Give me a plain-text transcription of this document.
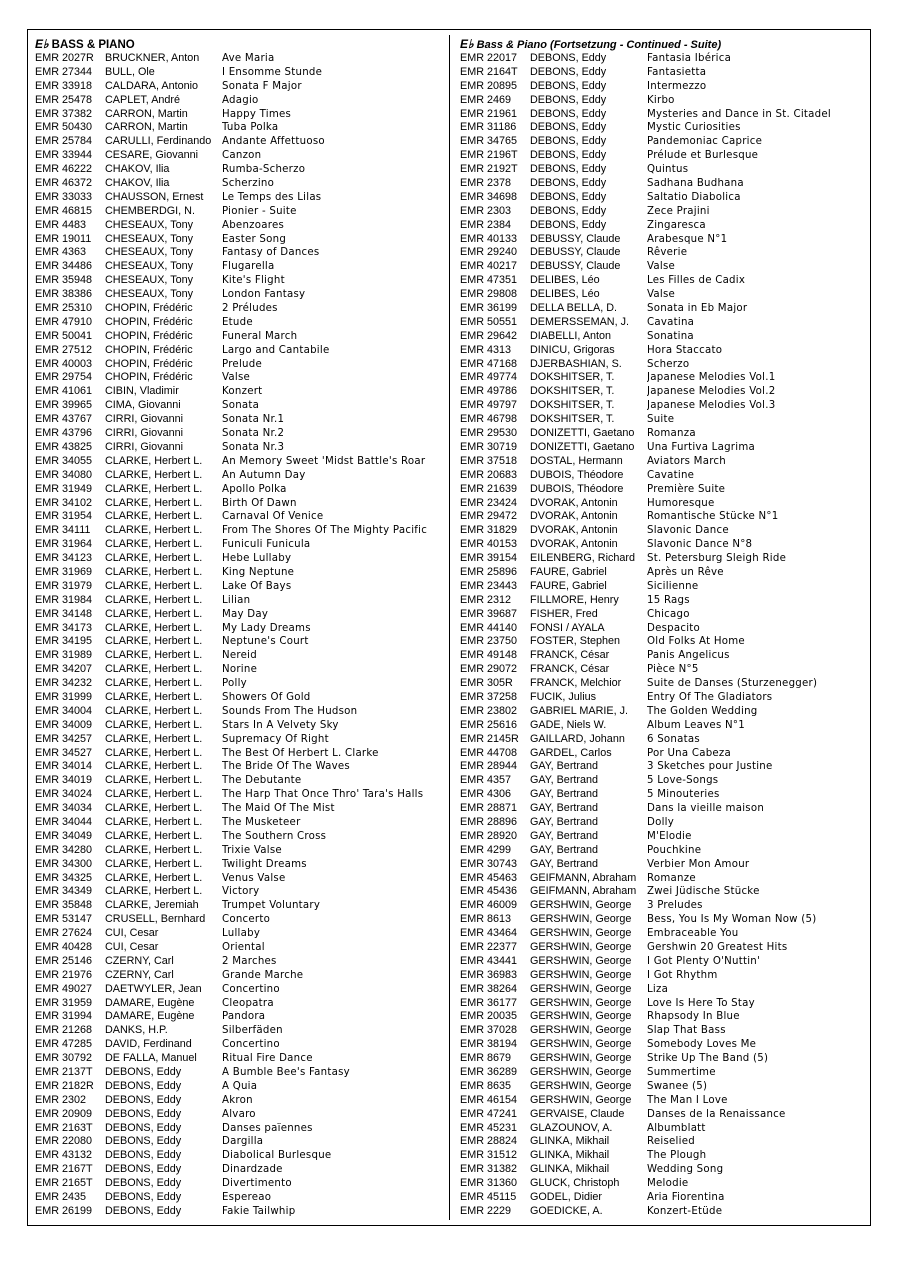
E♭ BASS & PIANO
EMR 2027R	BRUCKNER, Anton	Ave Maria
EMR 27344	BULL, Ole	I Ensomme Stunde
EMR 33918	CALDARA, Antonio	Sonata F Major
EMR 25478	CAPLET, André	Adagio
EMR 37382	CARRON, Martin	Happy Times
EMR 50430	CARRON, Martin	Tuba Polka
EMR 25784	CARULLI, Ferdinando	Andante Affettuoso
EMR 33944	CESARE, Giovanni	Canzon
EMR 46222	CHAKOV, Ilia	Rumba-Scherzo
EMR 46372	CHAKOV, Ilia	Scherzino
EMR 33033	CHAUSSON, Ernest	Le Temps des Lilas
EMR 46815	CHEMBERDGI, N.	Pionier - Suite
EMR 4483	CHESEAUX, Tony	Abenzoares
EMR 19011	CHESEAUX, Tony	Easter Song
EMR 4363	CHESEAUX, Tony	Fantasy of Dances
EMR 34486	CHESEAUX, Tony	Flugarella
EMR 35948	CHESEAUX, Tony	Kite's Flight
EMR 38386	CHESEAUX, Tony	London Fantasy
EMR 25310	CHOPIN, Frédéric	2 Préludes
EMR 47910	CHOPIN, Frédéric	Etude
EMR 50041	CHOPIN, Frédéric	Funeral March
EMR 27512	CHOPIN, Frédéric	Largo and Cantabile
EMR 40003	CHOPIN, Frédéric	Prelude
EMR 29754	CHOPIN, Frédéric	Valse
EMR 41061	CIBIN, Vladimir	Konzert
EMR 39965	CIMA, Giovanni	Sonata
EMR 43767	CIRRI, Giovanni	Sonata Nr.1
EMR 43796	CIRRI, Giovanni	Sonata Nr.2
EMR 43825	CIRRI, Giovanni	Sonata Nr.3
EMR 34055	CLARKE, Herbert L.	An Memory Sweet 'Midst Battle's Roar
EMR 34080	CLARKE, Herbert L.	An Autumn Day
EMR 31949	CLARKE, Herbert L.	Apollo Polka
EMR 34102	CLARKE, Herbert L.	Birth Of Dawn
EMR 31954	CLARKE, Herbert L.	Carnaval Of Venice
EMR 34111	CLARKE, Herbert L.	From The Shores Of The Mighty Pacific
EMR 31964	CLARKE, Herbert L.	Funiculi Funicula
EMR 34123	CLARKE, Herbert L.	Hebe Lullaby
EMR 31969	CLARKE, Herbert L.	King Neptune
EMR 31979	CLARKE, Herbert L.	Lake Of Bays
EMR 31984	CLARKE, Herbert L.	Lilian
EMR 34148	CLARKE, Herbert L.	May Day
EMR 34173	CLARKE, Herbert L.	My Lady Dreams
EMR 34195	CLARKE, Herbert L.	Neptune's Court
EMR 31989	CLARKE, Herbert L.	Nereid
EMR 34207	CLARKE, Herbert L.	Norine
EMR 34232	CLARKE, Herbert L.	Polly
EMR 31999	CLARKE, Herbert L.	Showers Of Gold
EMR 34004	CLARKE, Herbert L.	Sounds From The Hudson
EMR 34009	CLARKE, Herbert L.	Stars In A Velvety Sky
EMR 34257	CLARKE, Herbert L.	Supremacy Of Right
EMR 34527	CLARKE, Herbert L.	The Best Of Herbert L. Clarke
EMR 34014	CLARKE, Herbert L.	The Bride Of The Waves
EMR 34019	CLARKE, Herbert L.	The Debutante
EMR 34024	CLARKE, Herbert L.	The Harp That Once Thro' Tara's Halls
EMR 34034	CLARKE, Herbert L.	The Maid Of The Mist
EMR 34044	CLARKE, Herbert L.	The Musketeer
EMR 34049	CLARKE, Herbert L.	The Southern Cross
EMR 34280	CLARKE, Herbert L.	Trixie Valse
EMR 34300	CLARKE, Herbert L.	Twilight Dreams
EMR 34325	CLARKE, Herbert L.	Venus Valse
EMR 34349	CLARKE, Herbert L.	Victory
EMR 35848	CLARKE, Jeremiah	Trumpet Voluntary
EMR 53147	CRUSELL, Bernhard	Concerto
EMR 27624	CUI, Cesar	Lullaby
EMR 40428	CUI, Cesar	Oriental
EMR 25146	CZERNY, Carl	2 Marches
EMR 21976	CZERNY, Carl	Grande Marche
EMR 49027	DAETWYLER, Jean	Concertino
EMR 31959	DAMARE, Eugène	Cleopatra
EMR 31994	DAMARE, Eugène	Pandora
EMR 21268	DANKS, H.P.	Silberfäden
EMR 47285	DAVID, Ferdinand	Concertino
EMR 30792	DE FALLA, Manuel	Ritual Fire Dance
EMR 2137T	DEBONS, Eddy	A Bumble Bee's Fantasy
EMR 2182R	DEBONS, Eddy	A Quia
EMR 2302	DEBONS, Eddy	Akron
EMR 20909	DEBONS, Eddy	Alvaro
EMR 2163T	DEBONS, Eddy	Danses païennes
EMR 22080	DEBONS, Eddy	Dargilla
EMR 43132	DEBONS, Eddy	Diabolical Burlesque
EMR 2167T	DEBONS, Eddy	Dinardzade
EMR 2165T	DEBONS, Eddy	Divertimento
EMR 2435	DEBONS, Eddy	Espereao
EMR 26199	DEBONS, Eddy	Fakie Tailwhip
E♭ Bass & Piano (Fortsetzung - Continued - Suite)
EMR 22017	DEBONS, Eddy	Fantasia Ibérica
EMR 2164T	DEBONS, Eddy	Fantasietta
EMR 20895	DEBONS, Eddy	Intermezzo
EMR 2469	DEBONS, Eddy	Kirbo
EMR 21961	DEBONS, Eddy	Mysteries and Dance in St. Citadel
EMR 31186	DEBONS, Eddy	Mystic Curiosities
EMR 34765	DEBONS, Eddy	Pandemoniac Caprice
EMR 2196T	DEBONS, Eddy	Prélude et Burlesque
EMR 2192T	DEBONS, Eddy	Quintus
EMR 2378	DEBONS, Eddy	Sadhana Budhana
EMR 34698	DEBONS, Eddy	Saltatio Diabolica
EMR 2303	DEBONS, Eddy	Zece Prajini
EMR 2384	DEBONS, Eddy	Zingaresca
EMR 40133	DEBUSSY, Claude	Arabesque N°1
EMR 29240	DEBUSSY, Claude	Rêverie
EMR 40217	DEBUSSY, Claude	Valse
EMR 47351	DELIBES, Léo	Les Filles de Cadix
EMR 29808	DELIBES, Léo	Valse
EMR 36199	DELLA BELLA, D.	Sonata in Eb Major
EMR 50551	DEMERSSEMAN, J.	Cavatina
EMR 29642	DIABELLI, Anton	Sonatina
EMR 4313	DINICU, Grigoras	Hora Staccato
EMR 47168	DJERBASHIAN, S.	Scherzo
EMR 49774	DOKSHITSER, T.	Japanese Melodies Vol.1
EMR 49786	DOKSHITSER, T.	Japanese Melodies Vol.2
EMR 49797	DOKSHITSER, T.	Japanese Melodies Vol.3
EMR 46798	DOKSHITSER, T.	Suite
EMR 29530	DONIZETTI, Gaetano	Romanza
EMR 30719	DONIZETTI, Gaetano	Una Furtiva Lagrima
EMR 37518	DOSTAL, Hermann	Aviators March
EMR 20683	DUBOIS, Théodore	Cavatine
EMR 21639	DUBOIS, Théodore	Première Suite
EMR 23424	DVORAK, Antonin	Humoresque
EMR 29472	DVORAK, Antonin	Romantische Stücke N°1
EMR 31829	DVORAK, Antonin	Slavonic Dance
EMR 40153	DVORAK, Antonin	Slavonic Dance N°8
EMR 39154	EILENBERG, Richard	St. Petersburg Sleigh Ride
EMR 25896	FAURE, Gabriel	Après un Rêve
EMR 23443	FAURE, Gabriel	Sicilienne
EMR 2312	FILLMORE, Henry	15 Rags
EMR 39687	FISHER, Fred	Chicago
EMR 44140	FONSI / AYALA	Despacito
EMR 23750	FOSTER, Stephen	Old Folks At Home
EMR 49148	FRANCK, César	Panis Angelicus
EMR 29072	FRANCK, César	Pièce N°5
EMR 305R	FRANCK, Melchior	Suite de Danses (Sturzenegger)
EMR 37258	FUCIK, Julius	Entry Of The Gladiators
EMR 23802	GABRIEL MARIE, J.	The Golden Wedding
EMR 25616	GADE, Niels W.	Album Leaves N°1
EMR 2145R	GAILLARD, Johann	6 Sonatas
EMR 44708	GARDEL, Carlos	Por Una Cabeza
EMR 28944	GAY, Bertrand	3 Sketches pour Justine
EMR 4357	GAY, Bertrand	5 Love-Songs
EMR 4306	GAY, Bertrand	5 Minouteries
EMR 28871	GAY, Bertrand	Dans la vieille maison
EMR 28896	GAY, Bertrand	Dolly
EMR 28920	GAY, Bertrand	M'Elodie
EMR 4299	GAY, Bertrand	Pouchkine
EMR 30743	GAY, Bertrand	Verbier Mon Amour
EMR 45463	GEIFMANN, Abraham	Romanze
EMR 45436	GEIFMANN, Abraham	Zwei Jüdische Stücke
EMR 46009	GERSHWIN, George	3 Preludes
EMR 8613	GERSHWIN, George	Bess, You Is My Woman Now (5)
EMR 43464	GERSHWIN, George	Embraceable You
EMR 22377	GERSHWIN, George	Gershwin 20 Greatest Hits
EMR 43441	GERSHWIN, George	I Got Plenty O'Nuttin'
EMR 36983	GERSHWIN, George	I Got Rhythm
EMR 38264	GERSHWIN, George	Liza
EMR 36177	GERSHWIN, George	Love Is Here To Stay
EMR 20035	GERSHWIN, George	Rhapsody In Blue
EMR 37028	GERSHWIN, George	Slap That Bass
EMR 38194	GERSHWIN, George	Somebody Loves Me
EMR 8679	GERSHWIN, George	Strike Up The Band (5)
EMR 36289	GERSHWIN, George	Summertime
EMR 8635	GERSHWIN, George	Swanee (5)
EMR 46154	GERSHWIN, George	The Man I Love
EMR 47241	GERVAISE, Claude	Danses de la Renaissance
EMR 45231	GLAZOUNOV, A.	Albumblatt
EMR 28824	GLINKA, Mikhail	Reiselied
EMR 31512	GLINKA, Mikhail	The Plough
EMR 31382	GLINKA, Mikhail	Wedding Song
EMR 31360	GLUCK, Christoph	Melodie
EMR 45115	GODEL, Didier	Aria Fiorentina
EMR 2229	GOEDICKE, A.	Konzert-Etüde
